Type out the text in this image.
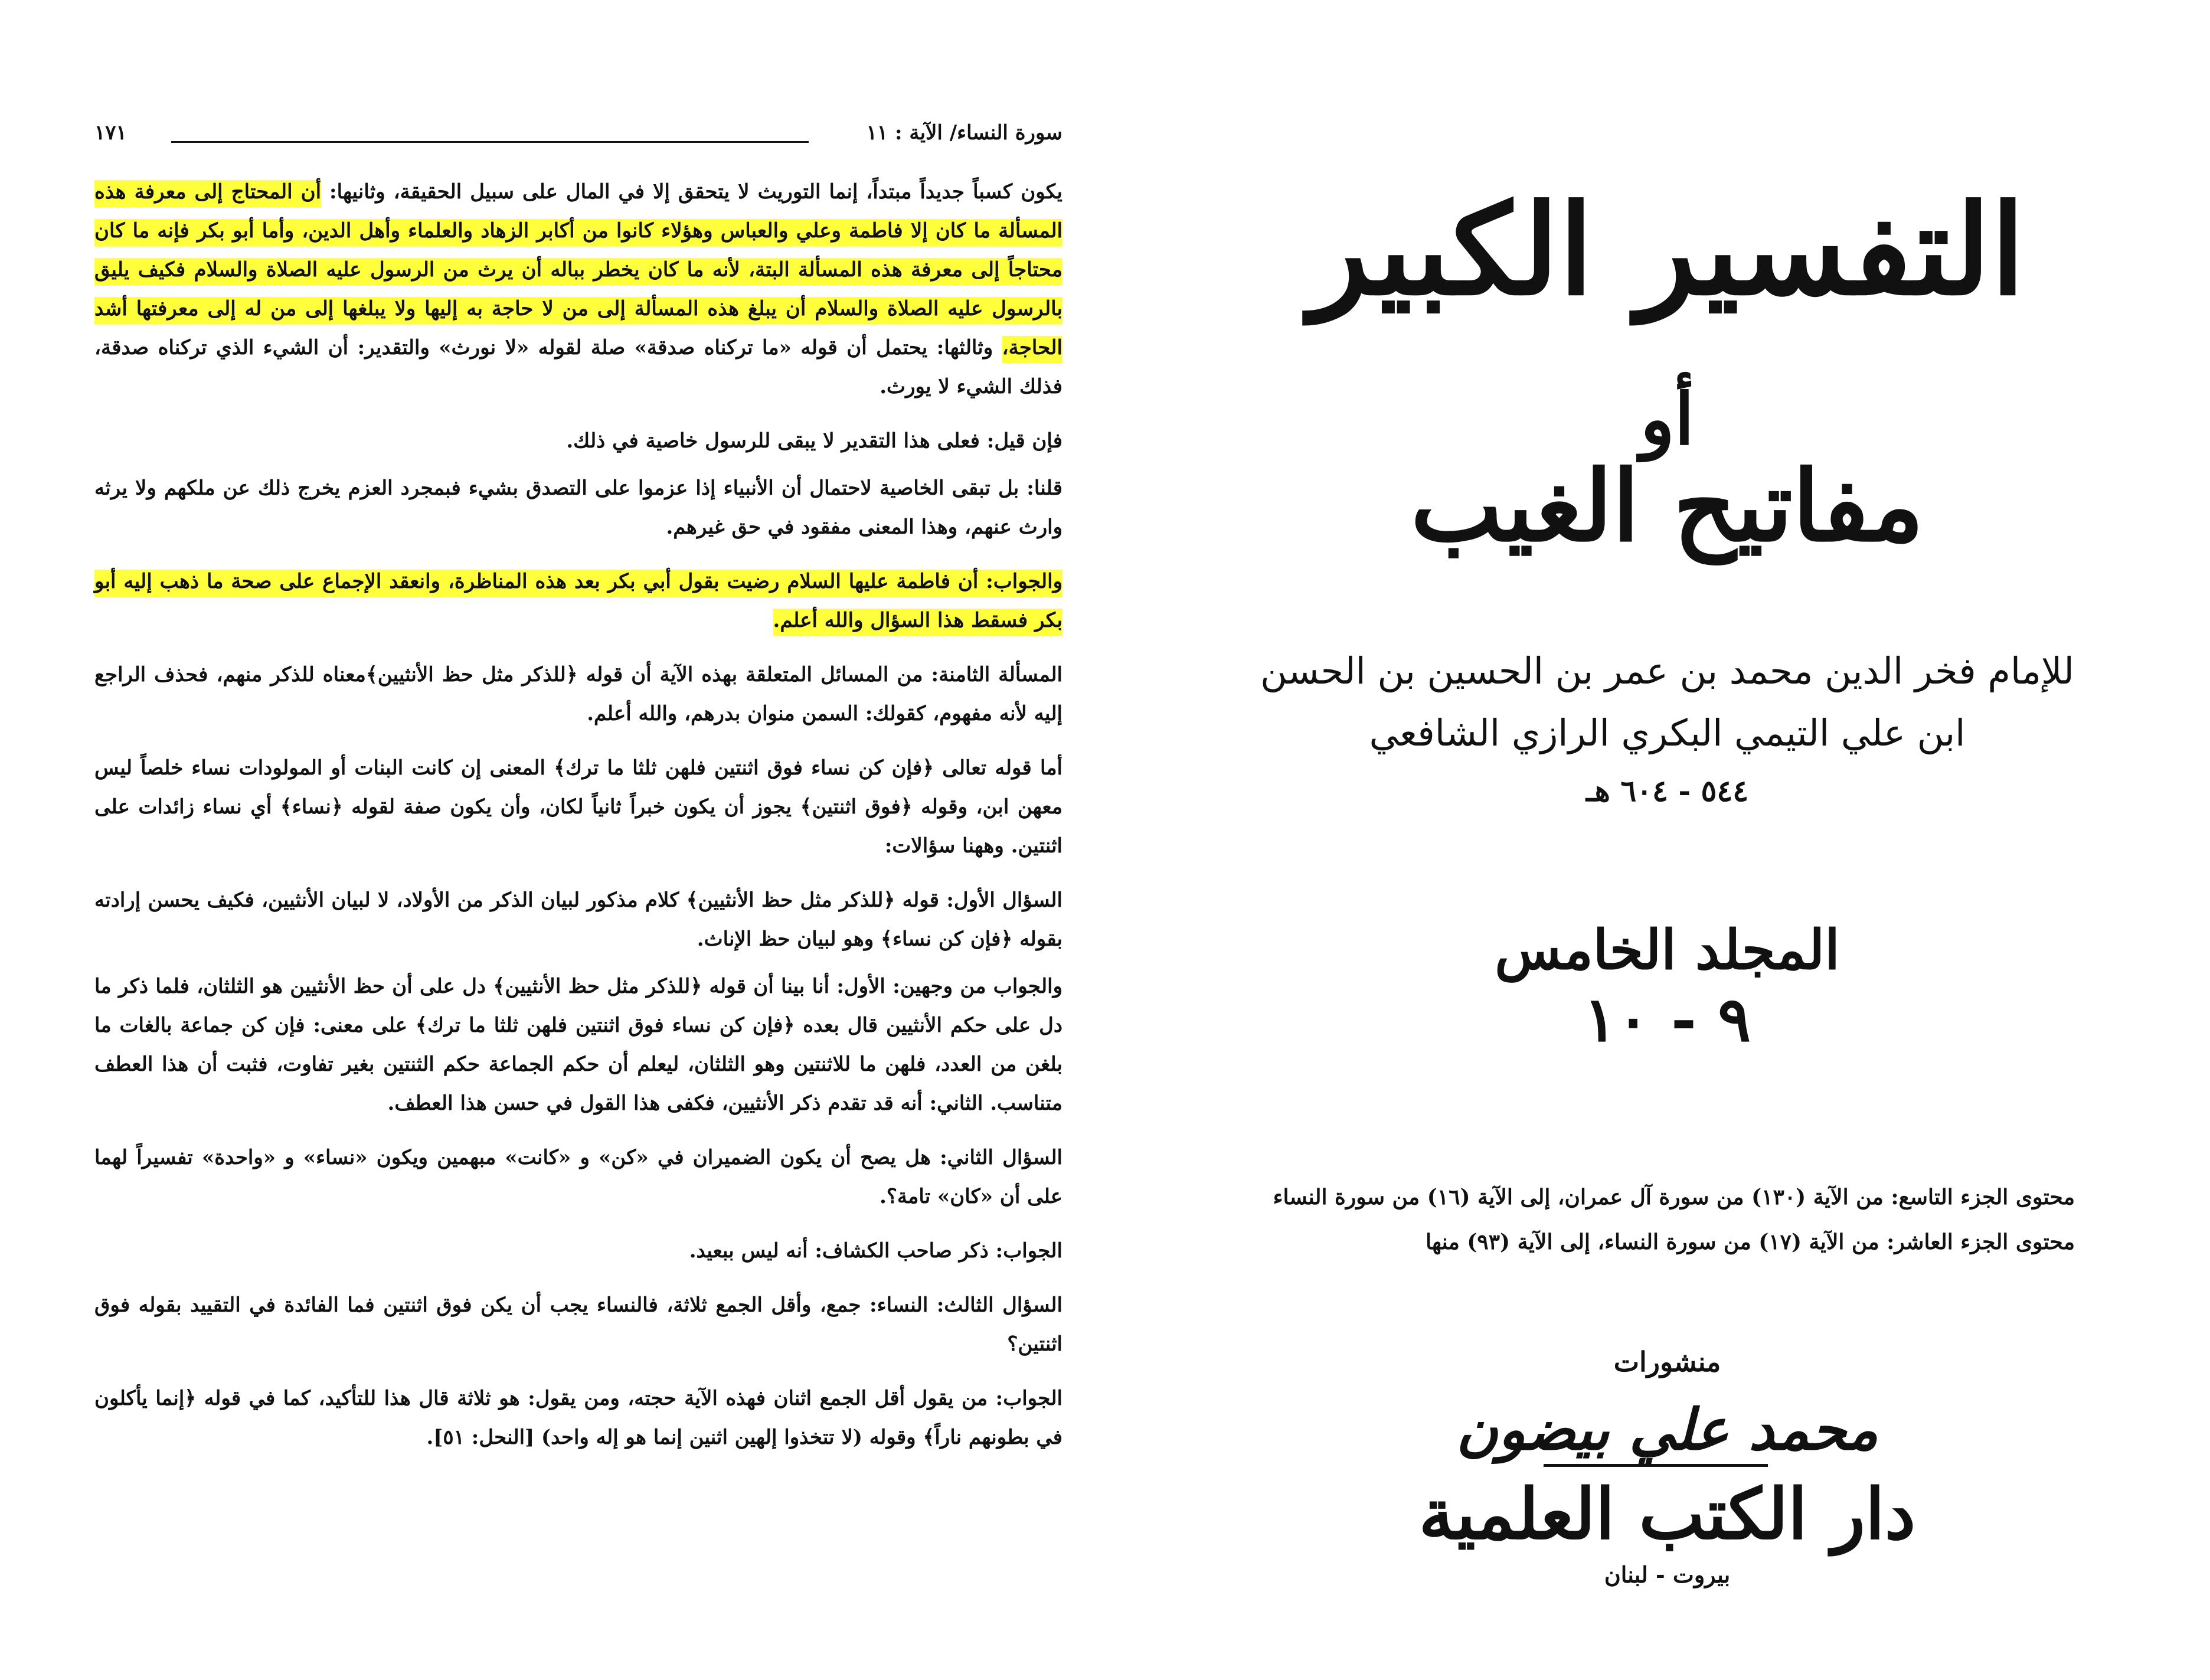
سورة النساء/ الآية : ١١
١٧١

يكون كسباً جديداً مبتداً، إنما التوريث لا يتحقق إلا في المال على سبيل الحقيقة، وثانيها: أن المحتاج إلى معرفة هذه المسألة ما كان إلا فاطمة وعلي والعباس وهؤلاء كانوا من أكابر الزهاد والعلماء وأهل الدين، وأما أبو بكر فإنه ما كان محتاجاً إلى معرفة هذه المسألة البتة، لأنه ما كان يخطر بباله أن يرث من الرسول عليه الصلاة والسلام فكيف يليق بالرسول عليه الصلاة والسلام أن يبلغ هذه المسألة إلى من لا حاجة به إليها ولا يبلغها إلى من له إلى معرفتها أشد الحاجة، وثالثها: يحتمل أن قوله «ما تركناه صدقة» صلة لقوله «لا نورث» والتقدير: أن الشيء الذي تركناه صدقة، فذلك الشيء لا يورث.

فإن قيل: فعلى هذا التقدير لا يبقى للرسول خاصية في ذلك.

قلنا: بل تبقى الخاصية لاحتمال أن الأنبياء إذا عزموا على التصدق بشيء فبمجرد العزم يخرج ذلك عن ملكهم ولا يرثه وارث عنهم، وهذا المعنى مفقود في حق غيرهم.

والجواب: أن فاطمة عليها السلام رضيت بقول أبي بكر بعد هذه المناظرة، وانعقد الإجماع على صحة ما ذهب إليه أبو بكر فسقط هذا السؤال والله أعلم.

المسألة الثامنة: من المسائل المتعلقة بهذه الآية أن قوله ﴿للذكر مثل حظ الأنثيين﴾معناه للذكر منهم، فحذف الراجع إليه لأنه مفهوم، كقولك: السمن منوان بدرهم، والله أعلم.

أما قوله تعالى ﴿فإن كن نساء فوق اثنتين فلهن ثلثا ما ترك﴾ المعنى إن كانت البنات أو المولودات نساء خلصاً ليس معهن ابن، وقوله ﴿فوق اثنتين﴾ يجوز أن يكون خبراً ثانياً لكان، وأن يكون صفة لقوله ﴿نساء﴾ أي نساء زائدات على اثنتين. وههنا سؤالات:

السؤال الأول: قوله ﴿للذكر مثل حظ الأنثيين﴾ كلام مذكور لبيان الذكر من الأولاد، لا لبيان الأنثيين، فكيف يحسن إرادته بقوله ﴿فإن كن نساء﴾ وهو لبيان حظ الإناث.

والجواب من وجهين: الأول: أنا بينا أن قوله ﴿للذكر مثل حظ الأنثيين﴾ دل على أن حظ الأنثيين هو الثلثان، فلما ذكر ما دل على حكم الأنثيين قال بعده ﴿فإن كن نساء فوق اثنتين فلهن ثلثا ما ترك﴾ على معنى: فإن كن جماعة بالغات ما بلغن من العدد، فلهن ما للاثنتين وهو الثلثان، ليعلم أن حكم الجماعة حكم الثنتين بغير تفاوت، فثبت أن هذا العطف متناسب. الثاني: أنه قد تقدم ذكر الأنثيين، فكفى هذا القول في حسن هذا العطف.

السؤال الثاني: هل يصح أن يكون الضميران في «كن» و «كانت» مبهمين ويكون «نساء» و «واحدة» تفسيراً لهما على أن «كان» تامة؟.

الجواب: ذكر صاحب الكشاف: أنه ليس ببعيد.

السؤال الثالث: النساء: جمع، وأقل الجمع ثلاثة، فالنساء يجب أن يكن فوق اثنتين فما الفائدة في التقييد بقوله فوق اثنتين؟

الجواب: من يقول أقل الجمع اثنان فهذه الآية حجته، ومن يقول: هو ثلاثة قال هذا للتأكيد، كما في قوله ﴿إنما يأكلون في بطونهم ناراً﴾ وقوله (لا تتخذوا إلهين اثنين إنما هو إله واحد) [النحل: ٥١].

التفسير الكبير
أو
مفاتيح الغيب
للإمام فخر الدين محمد بن عمر بن الحسين بن الحسن
ابن علي التيمي البكري الرازي الشافعي
٥٤٤ - ٦٠٤ هـ
المجلد الخامس
٩ - ١٠
محتوى الجزء التاسع: من الآية (١٣٠) من سورة آل عمران، إلى الآية (١٦) من سورة النساء
محتوى الجزء العاشر: من الآية (١٧) من سورة النساء، إلى الآية (٩٣) منها
منشورات
محمد علي بيضون
دار الكتب العلمية
بيروت - لبنان
